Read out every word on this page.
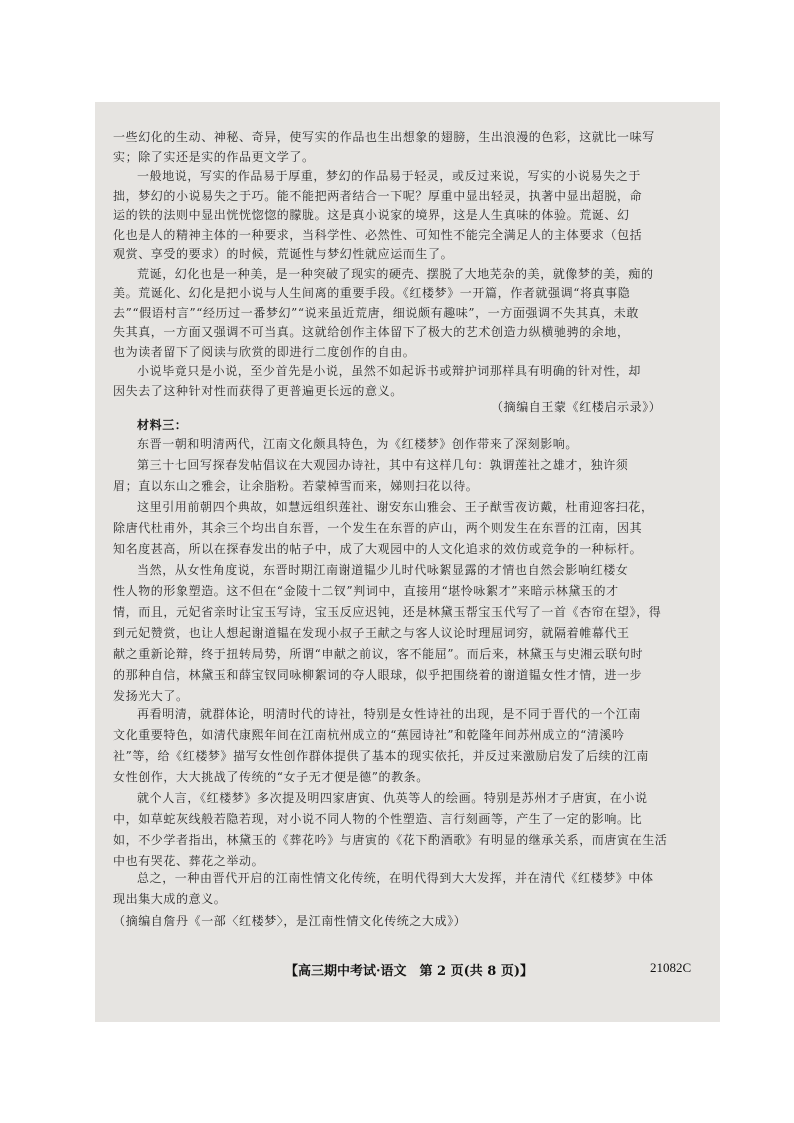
一些幻化的生动、神秘、奇异，使写实的作品也生出想象的翅膀，生出浪漫的色彩，这就比一味写
实；除了实还是实的作品更文学了。
一般地说，写实的作品易于厚重，梦幻的作品易于轻灵，或反过来说，写实的小说易失之于
拙，梦幻的小说易失之于巧。能不能把两者结合一下呢？厚重中显出轻灵，执著中显出超脱，命
运的铁的法则中显出恍恍惚惚的朦胧。这是真小说家的境界，这是人生真味的体验。荒诞、幻
化也是人的精神主体的一种要求，当科学性、必然性、可知性不能完全满足人的主体要求（包括
观赏、享受的要求）的时候，荒诞性与梦幻性就应运而生了。
荒诞，幻化也是一种美，是一种突破了现实的硬壳、摆脱了大地芜杂的美，就像梦的美，痴的
美。荒诞化、幻化是把小说与人生间离的重要手段。《红楼梦》一开篇，作者就强调“将真事隐
去”“假语村言”“经历过一番梦幻”“说来虽近荒唐，细说颇有趣味”，一方面强调不失其真，未敢
失其真，一方面又强调不可当真。这就给创作主体留下了极大的艺术创造力纵横驰骋的余地，
也为读者留下了阅读与欣赏的即进行二度创作的自由。
小说毕竟只是小说，至少首先是小说，虽然不如起诉书或辩护词那样具有明确的针对性，却
因失去了这种针对性而获得了更普遍更长远的意义。
（摘编自王蒙《红楼启示录》）
材料三：
东晋一朝和明清两代，江南文化颇具特色，为《红楼梦》创作带来了深刻影响。
第三十七回写探春发帖倡议在大观园办诗社，其中有这样几句：孰谓莲社之雄才，独许须
眉；直以东山之雅会，让余脂粉。若蒙棹雪而来，娣则扫花以待。
这里引用前朝四个典故，如慧远组织莲社、谢安东山雅会、王子猷雪夜访戴，杜甫迎客扫花，
除唐代杜甫外，其余三个均出自东晋，一个发生在东晋的庐山，两个则发生在东晋的江南，因其
知名度甚高，所以在探春发出的帖子中，成了大观园中的人文化追求的效仿或竞争的一种标杆。
当然，从女性角度说，东晋时期江南谢道韫少儿时代咏絮显露的才情也自然会影响红楼女
性人物的形象塑造。这不但在“金陵十二钗”判词中，直接用“堪怜咏絮才”来暗示林黛玉的才
情，而且，元妃省亲时让宝玉写诗，宝玉反应迟钝，还是林黛玉帮宝玉代写了一首《杏帘在望》，得
到元妃赞赏，也让人想起谢道韫在发现小叔子王献之与客人议论时理屈词穷，就隔着帷幕代王
献之重新论辩，终于扭转局势，所谓“申献之前议，客不能屈”。而后来，林黛玉与史湘云联句时
的那种自信，林黛玉和薛宝钗同咏柳絮词的夺人眼球，似乎把围绕着的谢道韫女性才情，进一步
发扬光大了。
再看明清，就群体论，明清时代的诗社，特别是女性诗社的出现，是不同于晋代的一个江南
文化重要特色，如清代康熙年间在江南杭州成立的“蕉园诗社”和乾隆年间苏州成立的“清溪吟
社”等，给《红楼梦》描写女性创作群体提供了基本的现实依托，并反过来激励启发了后续的江南
女性创作，大大挑战了传统的“女子无才便是德”的教条。
就个人言，《红楼梦》多次提及明四家唐寅、仇英等人的绘画。特别是苏州才子唐寅，在小说
中，如草蛇灰线般若隐若现，对小说不同人物的个性塑造、言行刻画等，产生了一定的影响。比
如，不少学者指出，林黛玉的《葬花吟》与唐寅的《花下酌酒歌》有明显的继承关系，而唐寅在生活
中也有哭花、葬花之举动。
总之，一种由晋代开启的江南性情文化传统，在明代得到大大发挥，并在清代《红楼梦》中体
现出集大成的意义。
【高三期中考试·语文　第 2 页(共 8 页)】	21082C
（摘编自詹丹《一部〈红楼梦〉，是江南性情文化传统之大成》）
